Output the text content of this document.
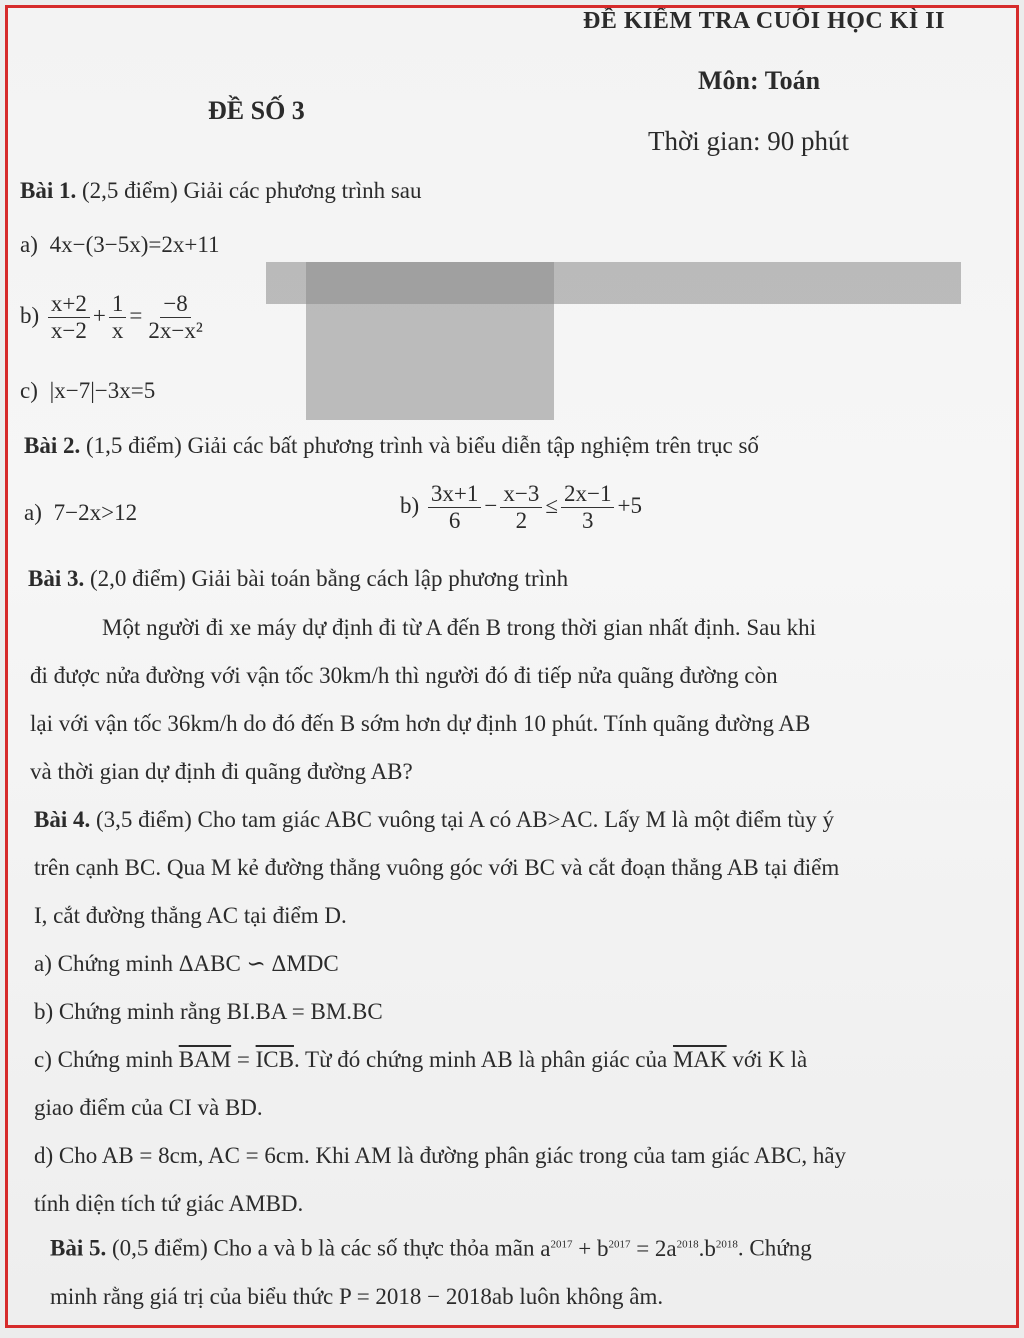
ĐỀ KIỂM TRA CUỐI HỌC KÌ II
Môn: Toán
ĐỀ SỐ 3
Thời gian: 90 phút
Bài 1. (2,5 điểm) Giải các phương trình sau
a) 4x−(3−5x)=2x+11
$b) \frac{x+2}{x-2} + \frac{1}{x} = \frac{-8}{\text{2x−x²}}$
c) |x−7|−3x=5
Bài 2. (1,5 điểm) Giải các bất phương trình và biểu diễn tập nghiệm trên trục số
a) 7−2x>12	$b) \frac{3x+1}{6} - \frac{x-3}{2} \le \frac{2x-1}{3} +5$
Bài 3. (2,0 điểm) Giải bài toán bằng cách lập phương trình
Một người đi xe máy dự định đi từ A đến B trong thời gian nhất định. Sau khi
đi được nửa đường với vận tốc 30km/h thì người đó đi tiếp nửa quãng đường còn
lại với vận tốc 36km/h do đó đến B sớm hơn dự định 10 phút. Tính quãng đường AB
và thời gian dự định đi quãng đường AB?
Bài 4. (3,5 điểm) Cho tam giác ABC vuông tại A có AB>AC. Lấy M là một điểm tùy ý
trên cạnh BC. Qua M kẻ đường thẳng vuông góc với BC và cắt đoạn thẳng AB tại điểm
I, cắt đường thẳng AC tại điểm D.
a) Chứng minh ΔABC ∽ ΔMDC
b) Chứng minh rằng BI.BA = BM.BC
c) Chứng minh $\overline{BAM} = \overline{ICB}$. Từ đó chứng minh AB là phân giác của $\overline{MAK}$ với K là
giao điểm của CI và BD.
d) Cho AB = 8cm, AC = 6cm. Khi AM là đường phân giác trong của tam giác ABC, hãy
tính diện tích tứ giác AMBD.
Bài 5. (0,5 điểm) Cho a và b là các số thực thỏa mãn $a^{2017} + b^{2017} = 2a^{2018}.b^{2018}$. Chứng
minh rằng giá trị của biểu thức P = 2018 − 2018ab luôn không âm.
